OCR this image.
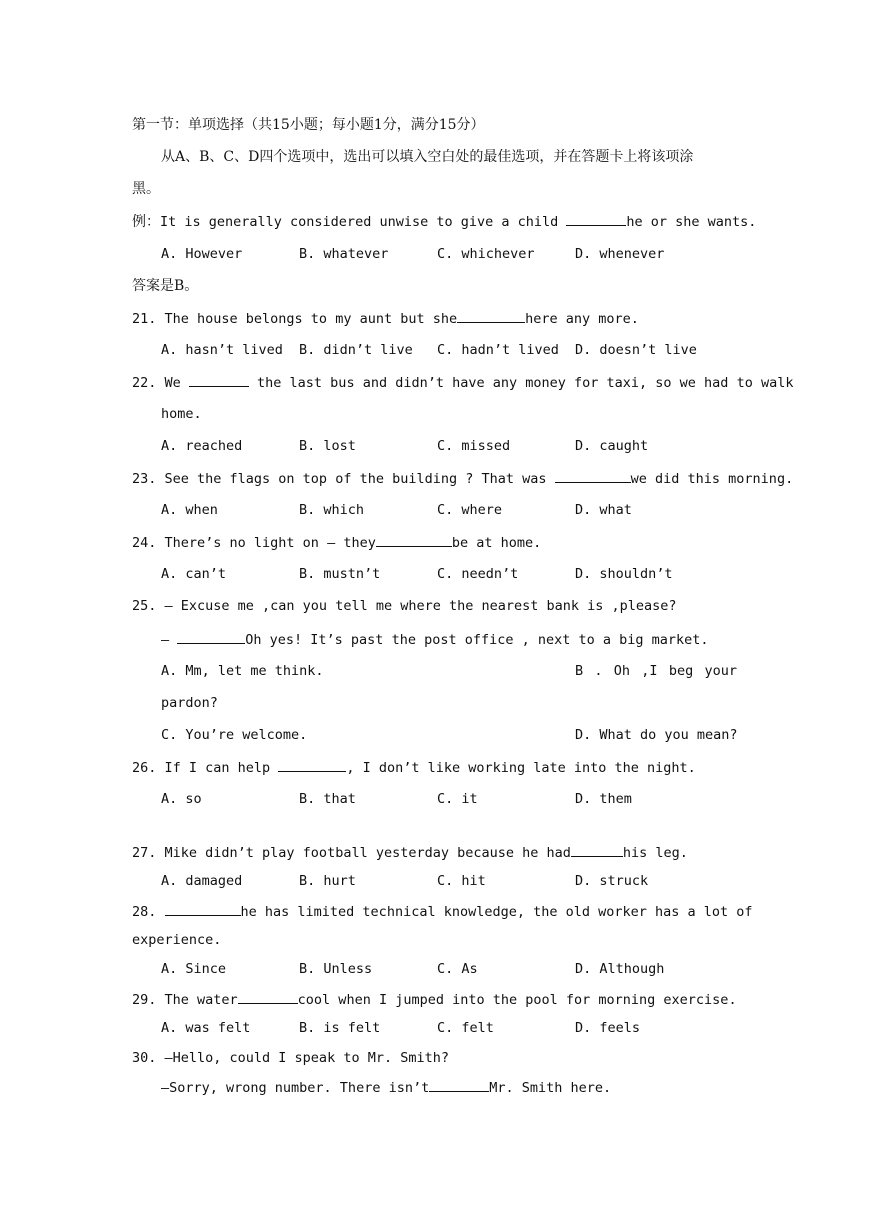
第一节：单项选择（共15小题；每小题1分，满分15分）
从A、B、C、D四个选项中，选出可以填入空白处的最佳选项，并在答题卡上将该项涂
黑。
例：It is generally considered unwise to give a child	he or she wants.
A. However	B. whatever	C. whichever	D. whenever
答案是B。
21. The house belongs to my aunt but she	here any more.
A. hasn’t lived B. didn’t live C. hadn’t lived D. doesn’t live
22. We	the last bus and didn’t have any money for taxi, so we had to walk
home.
A. reached	B. lost	C. missed	D. caught
23. See the flags on top of the building ? That was	we did this morning.
A. when	B. which	C. where	D. what
24. There’s no light on — they	be at home.
A. can’t	B. mustn’t	C. needn’t	D. shouldn’t
25. — Excuse me ,can you tell me where the nearest bank is ,please?
—	Oh yes! It’s past the post office , next to a big market.
A. Mm, let me think.	B . Oh ,I beg your
pardon?
C. You’re welcome.	D. What do you mean?
26. If I can help	, I don’t like working late into the night.
A. so	B. that	C. it	D. them
27. Mike didn’t play football yesterday because he had	his leg.
A. damaged	B. hurt	C. hit	D. struck
28.	he has limited technical knowledge, the old worker has a lot of
experience.
A. Since	B. Unless	C. As	D. Although
29. The water	cool when I jumped into the pool for morning exercise.
A. was felt	B. is felt	C. felt	D. feels
30. —Hello, could I speak to Mr. Smith?
—Sorry, wrong number. There isn’t	Mr. Smith here.
